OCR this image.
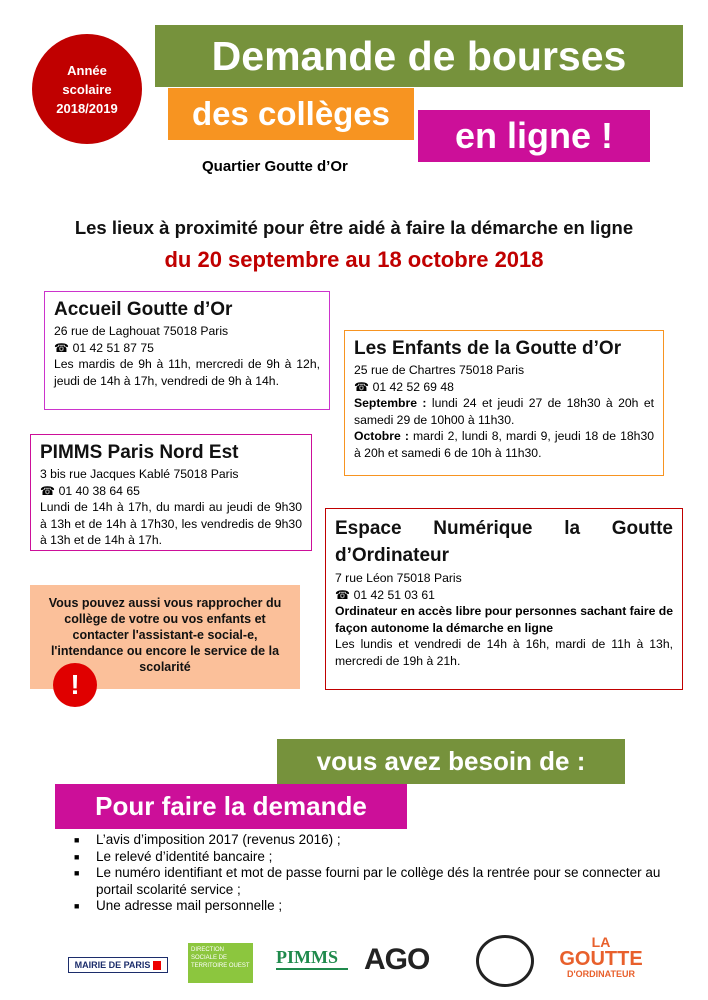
Année
scolaire
2018/2019
Demande de bourses
des collèges
en ligne !
Quartier Goutte d’Or
Les lieux à proximité pour être aidé à faire la démarche en ligne
du 20 septembre au 18 octobre 2018
Accueil Goutte d’Or
26 rue de Laghouat 75018 Paris
☎ 01 42 51 87 75
Les mardis de 9h à 11h, mercredi de 9h à 12h, jeudi de 14h à 17h, vendredi de 9h à 14h.
Les Enfants de la Goutte d’Or
25 rue de Chartres 75018 Paris
☎ 01 42 52 69 48
Septembre : lundi 24 et jeudi 27 de 18h30 à 20h et samedi 29 de 10h00 à 11h30.
Octobre : mardi 2, lundi 8, mardi 9, jeudi 18 de 18h30 à 20h et samedi 6 de 10h à 11h30.
PIMMS Paris Nord Est
3 bis rue Jacques Kablé 75018 Paris
☎ 01 40 38 64 65
Lundi de 14h à 17h, du mardi au jeudi de 9h30 à 13h et de 14h à 17h30, les vendredis de 9h30 à 13h et de 14h à 17h.
Espace Numérique la Goutte d’Ordinateur
7 rue Léon 75018 Paris
☎ 01 42 51 03 61
Ordinateur en accès libre pour personnes sachant faire de façon autonome la démarche en ligne
Les lundis et vendredi de 14h à 16h, mardi de 11h à 13h, mercredi de 19h à 21h.
Vous pouvez aussi vous rapprocher du collège de votre ou vos enfants et contacter l'assistant-e social-e, l'intendance ou encore le service de la scolarité
!
vous avez besoin de :
Pour faire la demande
■ L’avis d’imposition 2017 (revenus 2016) ;
■ Le relevé d’identité bancaire ;
■ Le numéro identifiant et mot de passe fourni par le collège dés la rentrée pour se connecter au portail scolarité service ;
■ Une adresse mail personnelle ;
MAIRIE DE PARIS
DIRECTION SOCIALE DE TERRITOIRE OUEST PIMMS AGO
LA
GOUTTE
D'ORDINATEUR
